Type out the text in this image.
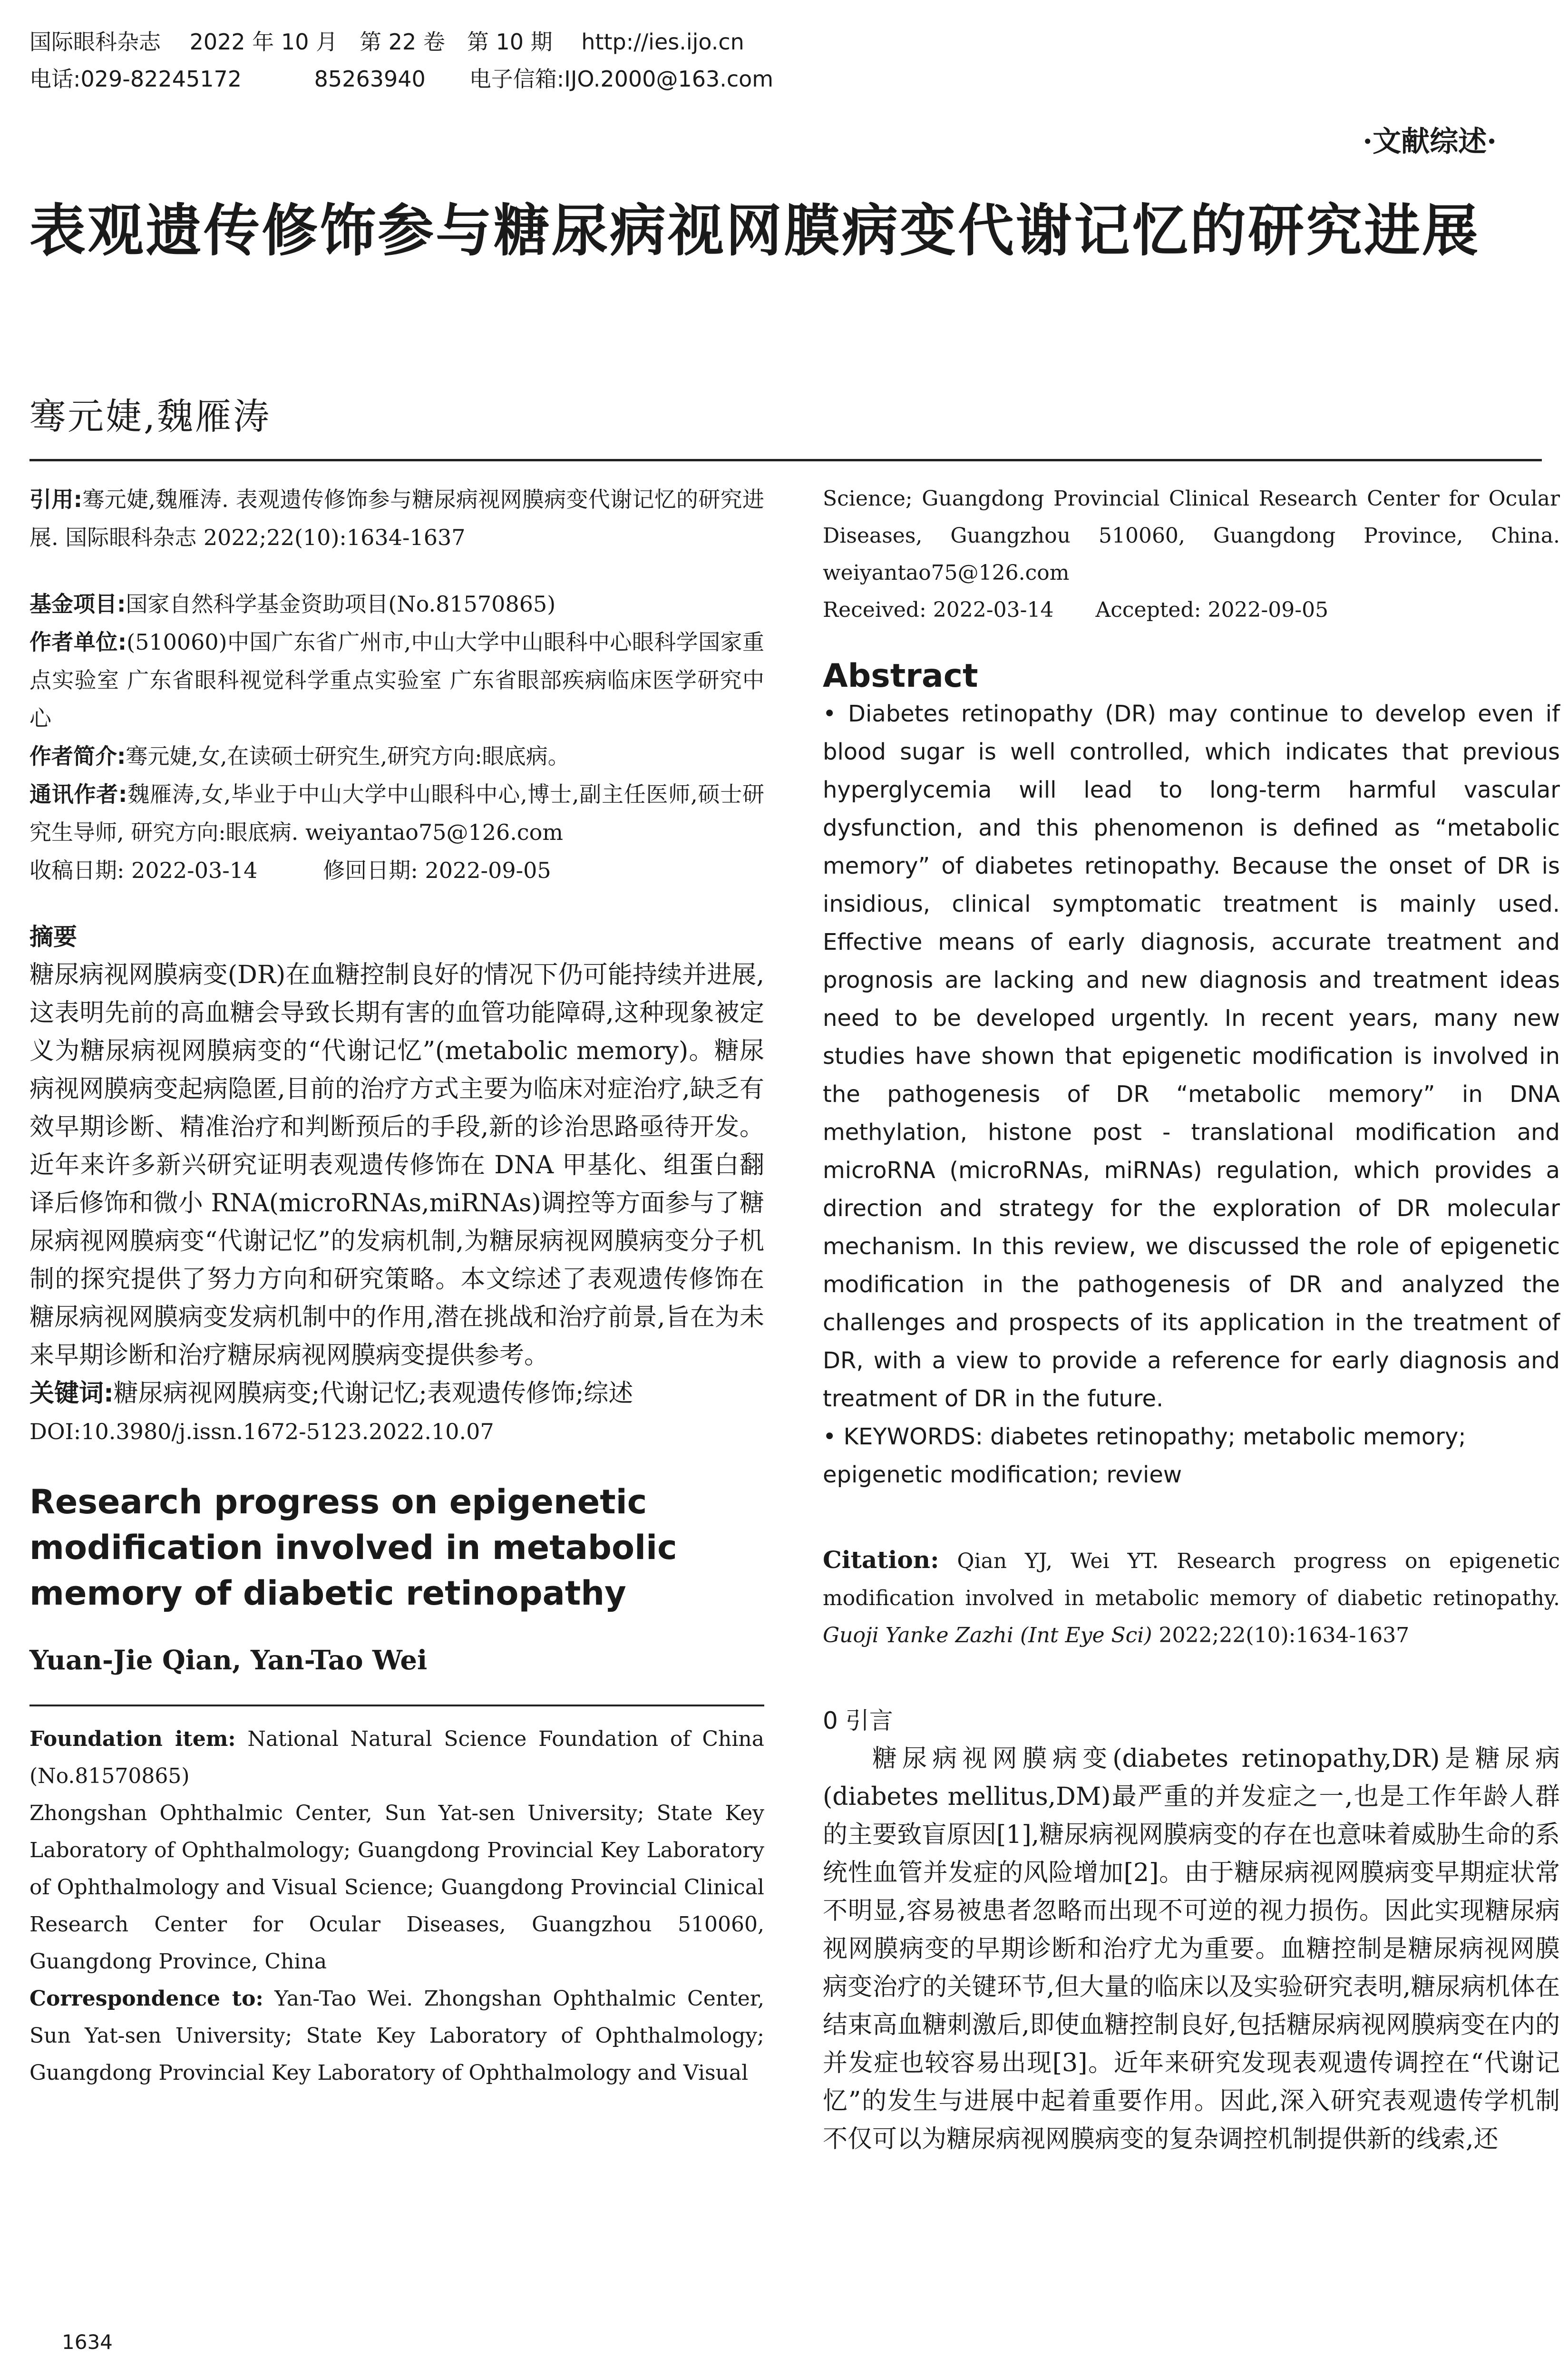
国际眼科杂志　 2022 年 10 月　第 22 卷　第 10 期　 http://ies.ijo.cn
电话:029-82245172　　　 85263940　　电子信箱:IJO.2000@163.com
·文献综述·
表观遗传修饰参与糖尿病视网膜病变代谢记忆的研究进展
骞元婕,魏雁涛

引用:骞元婕,魏雁涛. 表观遗传修饰参与糖尿病视网膜病变代谢记忆的研究进展. 国际眼科杂志 2022;22(10):1634-1637

基金项目:国家自然科学基金资助项目(No.81570865)

作者单位:(510060)中国广东省广州市,中山大学中山眼科中心眼科学国家重点实验室 广东省眼科视觉科学重点实验室 广东省眼部疾病临床医学研究中心

作者简介:骞元婕,女,在读硕士研究生,研究方向:眼底病。

通讯作者:魏雁涛,女,毕业于中山大学中山眼科中心,博士,副主任医师,硕士研究生导师, 研究方向:眼底病. weiyantao75@126.com

收稿日期: 2022-03-14　　　修回日期: 2022-09-05

摘要

糖尿病视网膜病变(DR)在血糖控制良好的情况下仍可能持续并进展,这表明先前的高血糖会导致长期有害的血管功能障碍,这种现象被定义为糖尿病视网膜病变的“代谢记忆”(metabolic memory)。糖尿病视网膜病变起病隐匿,目前的治疗方式主要为临床对症治疗,缺乏有效早期诊断、精准治疗和判断预后的手段,新的诊治思路亟待开发。近年来许多新兴研究证明表观遗传修饰在 DNA 甲基化、组蛋白翻译后修饰和微小 RNA(microRNAs,miRNAs)调控等方面参与了糖尿病视网膜病变“代谢记忆”的发病机制,为糖尿病视网膜病变分子机制的探究提供了努力方向和研究策略。本文综述了表观遗传修饰在糖尿病视网膜病变发病机制中的作用,潜在挑战和治疗前景,旨在为未来早期诊断和治疗糖尿病视网膜病变提供参考。

关键词:糖尿病视网膜病变;代谢记忆;表观遗传修饰;综述

DOI:10.3980/j.issn.1672-5123.2022.10.07

Research progress on epigenetic modification involved in metabolic memory of diabetic retinopathy

Yuan-Jie Qian, Yan-Tao Wei

Foundation item: National Natural Science Foundation of China (No.81570865)

Zhongshan Ophthalmic Center, Sun Yat-sen University; State Key Laboratory of Ophthalmology; Guangdong Provincial Key Laboratory of Ophthalmology and Visual Science; Guangdong Provincial Clinical Research Center for Ocular Diseases, Guangzhou 510060, Guangdong Province, China

Correspondence to: Yan-Tao Wei. Zhongshan Ophthalmic Center, Sun Yat-sen University; State Key Laboratory of Ophthalmology; Guangdong Provincial Key Laboratory of Ophthalmology and Visual

Science; Guangdong Provincial Clinical Research Center for Ocular Diseases, Guangzhou 510060, Guangdong Province, China. weiyantao75@126.com

Received: 2022-03-14　　Accepted: 2022-09-05

Abstract

• Diabetes retinopathy (DR) may continue to develop even if blood sugar is well controlled, which indicates that previous hyperglycemia will lead to long-term harmful vascular dysfunction, and this phenomenon is defined as “metabolic memory” of diabetes retinopathy. Because the onset of DR is insidious, clinical symptomatic treatment is mainly used. Effective means of early diagnosis, accurate treatment and prognosis are lacking and new diagnosis and treatment ideas need to be developed urgently. In recent years, many new studies have shown that epigenetic modification is involved in the pathogenesis of DR “metabolic memory” in DNA methylation, histone post - translational modification and microRNA (microRNAs, miRNAs) regulation, which provides a direction and strategy for the exploration of DR molecular mechanism. In this review, we discussed the role of epigenetic modification in the pathogenesis of DR and analyzed the challenges and prospects of its application in the treatment of DR, with a view to provide a reference for early diagnosis and treatment of DR in the future.

• KEYWORDS: diabetes retinopathy; metabolic memory; epigenetic modification; review

Citation: Qian YJ, Wei YT. Research progress on epigenetic modification involved in metabolic memory of diabetic retinopathy. Guoji Yanke Zazhi (Int Eye Sci) 2022;22(10):1634-1637

0 引言

糖尿病视网膜病变(diabetes retinopathy,DR)是糖尿病(diabetes mellitus,DM)最严重的并发症之一,也是工作年龄人群的主要致盲原因[1],糖尿病视网膜病变的存在也意味着威胁生命的系统性血管并发症的风险增加[2]。由于糖尿病视网膜病变早期症状常不明显,容易被患者忽略而出现不可逆的视力损伤。因此实现糖尿病视网膜病变的早期诊断和治疗尤为重要。血糖控制是糖尿病视网膜病变治疗的关键环节,但大量的临床以及实验研究表明,糖尿病机体在结束高血糖刺激后,即使血糖控制良好,包括糖尿病视网膜病变在内的并发症也较容易出现[3]。近年来研究发现表观遗传调控在“代谢记忆”的发生与进展中起着重要作用。因此,深入研究表观遗传学机制不仅可以为糖尿病视网膜病变的复杂调控机制提供新的线索,还

1634
